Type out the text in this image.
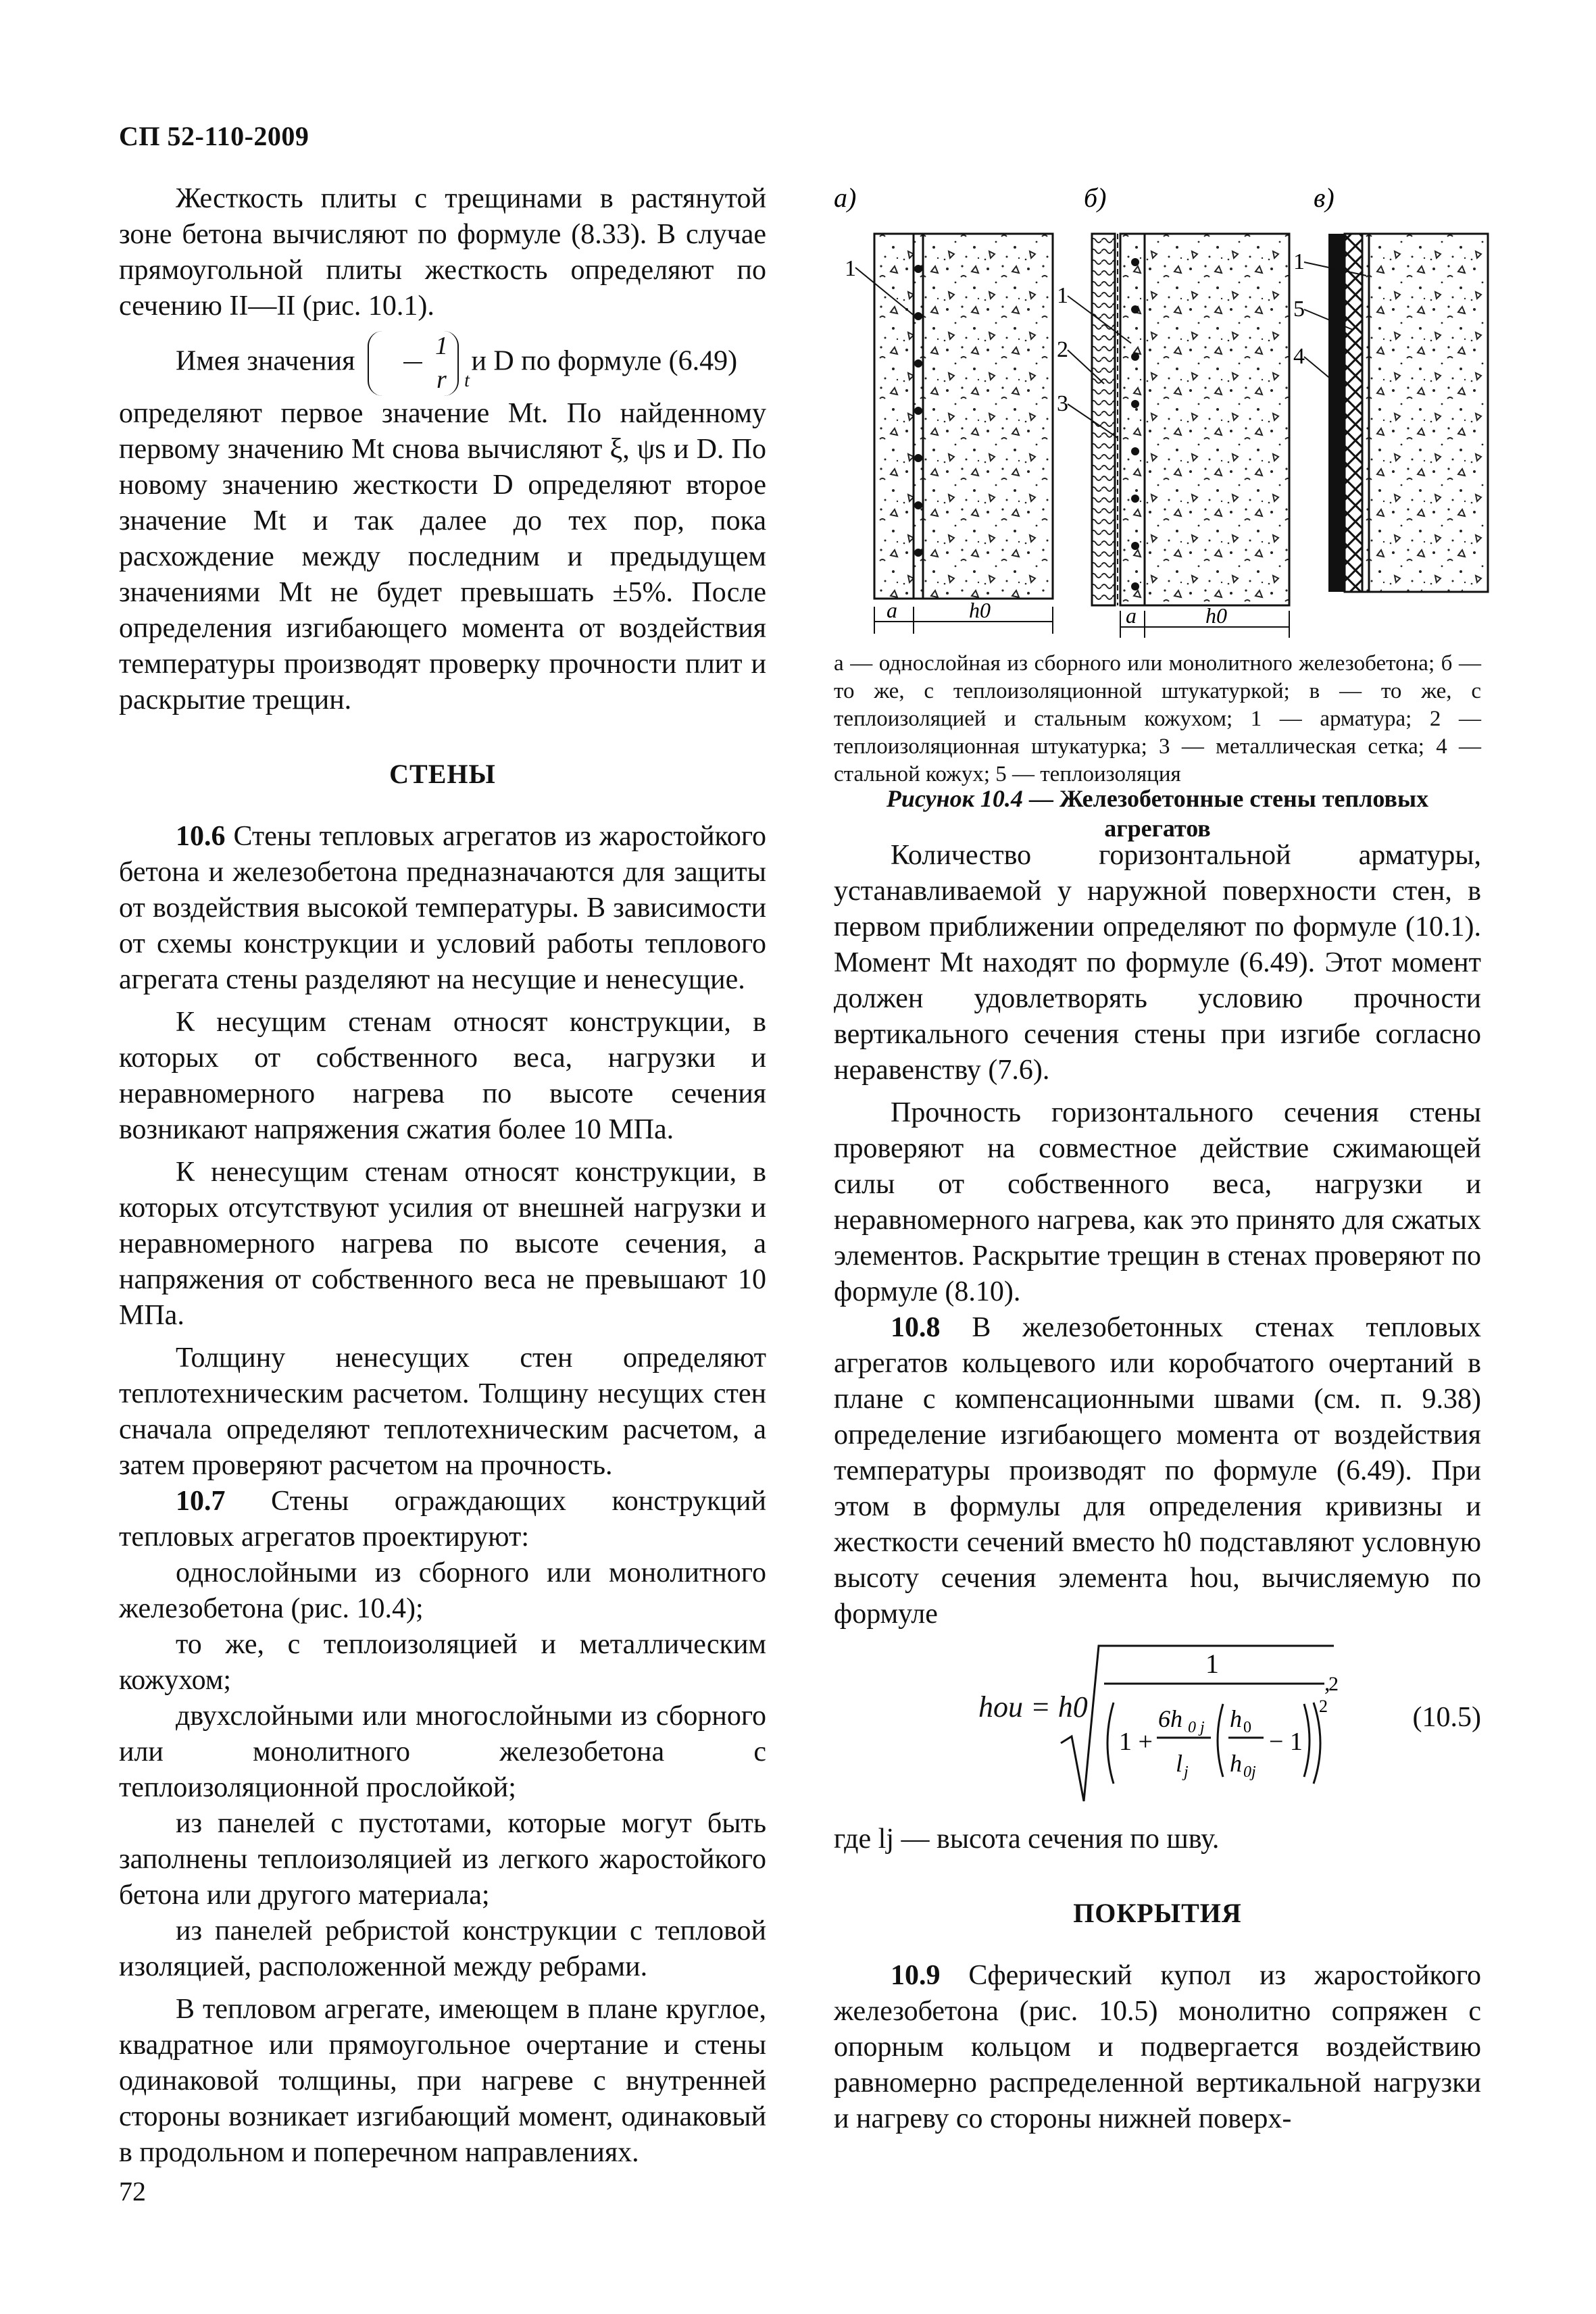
СП 52-110-2009

Жесткость плиты с трещинами в растянутой зоне бетона вычисляют по формуле (8.33). В случае прямоугольной плиты жесткость определяют по сечению II—II (рис. 10.1).

Имея значения	1
r t
и D по формуле (6.49)

определяют первое значение Mt. По найденному первому значению Mt снова вычисляют ξ, ψs и D. По новому значению жесткости D определяют второе значение Mt и так далее до тех пор, пока расхождение между последним и предыдущем значениями Mt не будет превышать ±5%. После определения изгибающего момента от воздействия температуры производят проверку прочности плит и раскрытие трещин.

СТЕНЫ

10.6 Стены тепловых агрегатов из жаростойкого бетона и железобетона предназначаются для защиты от воздействия высокой температуры. В зависимости от схемы конструкции и условий работы теплового агрегата стены разделяют на несущие и ненесущие.

К несущим стенам относят конструкции, в которых от собственного веса, нагрузки и неравномерного нагрева по высоте сечения возникают напряжения сжатия более 10 МПа.

К ненесущим стенам относят конструкции, в которых отсутствуют усилия от внешней нагрузки и неравномерного нагрева по высоте сечения, а напряжения от собственного веса не превышают 10 МПа.

Толщину ненесущих стен определяют теплотехническим расчетом. Толщину несущих стен сначала определяют теплотехническим расчетом, а затем проверяют расчетом на прочность.

10.7 Стены ограждающих конструкций тепловых агрегатов проектируют:

однослойными из сборного или монолитного железобетона (рис. 10.4);

то же, с теплоизоляцией и металлическим кожухом;

двухслойными или многослойными из сборного или монолитного железобетона с теплоизоляционной прослойкой;

из панелей с пустотами, которые могут быть заполнены теплоизоляцией из легкого жаростойкого бетона или другого материала;

из панелей ребристой конструкции с тепловой изоляцией, расположенной между ребрами.

В тепловом агрегате, имеющем в плане круглое, квадратное или прямоугольное очертание и стены одинаковой толщины, при нагреве с внутренней стороны возникает изгибающий момент, одинаковый в продольном и поперечном направлениях.

а)
1
a	h0
б)
1
2
3
a	h0
в)
1
5
4
а — однослойная из сборного или монолитного железобетона; б — то же, с теплоизоляционной штукатуркой; в — то же, с теплоизоляцией и стальным кожухом; 1 — арматура; 2 — теплоизоляционная штукатурка; 3 — металлическая сетка; 4 — стальной кожух; 5 — теплоизоляция
Рисунок 10.4 — Железобетонные стены тепловых агрегатов

Количество горизонтальной арматуры, устанавливаемой у наружной поверхности стен, в первом приближении определяют по формуле (10.1). Момент Mt находят по формуле (6.49). Этот момент должен удовлетворять условию прочности вертикального сечения стены при изгибе согласно неравенству (7.6).

Прочность горизонтального сечения стены проверяют на совместное действие сжимающей силы от собственного веса, нагрузки и неравномерного нагрева, как это принято для сжатых элементов. Раскрытие трещин в стенах проверяют по формуле (8.10).

10.8 В железобетонных стенах тепловых агрегатов кольцевого или коробчатого очертаний в плане с компенсационными швами (см. п. 9.38) определение изгибающего момента от воздействия температуры производят по формуле (6.49). При этом в формулы для определения кривизны и жесткости сечений вместо h0 подставляют условную высоту сечения элемента hou, вычисляемую по формуле

hou = h0
1
2
,
1 +
6h 0 j
l j
h 0
h 0j
− 1
2	(10.5)

где lj — высота сечения по шву.

ПОКРЫТИЯ

10.9 Сферический купол из жаростойкого железобетона (рис. 10.5) монолитно сопряжен с опорным кольцом и подвергается воздействию равномерно распределенной вертикальной нагрузки и нагреву со стороны нижней поверх-

72
